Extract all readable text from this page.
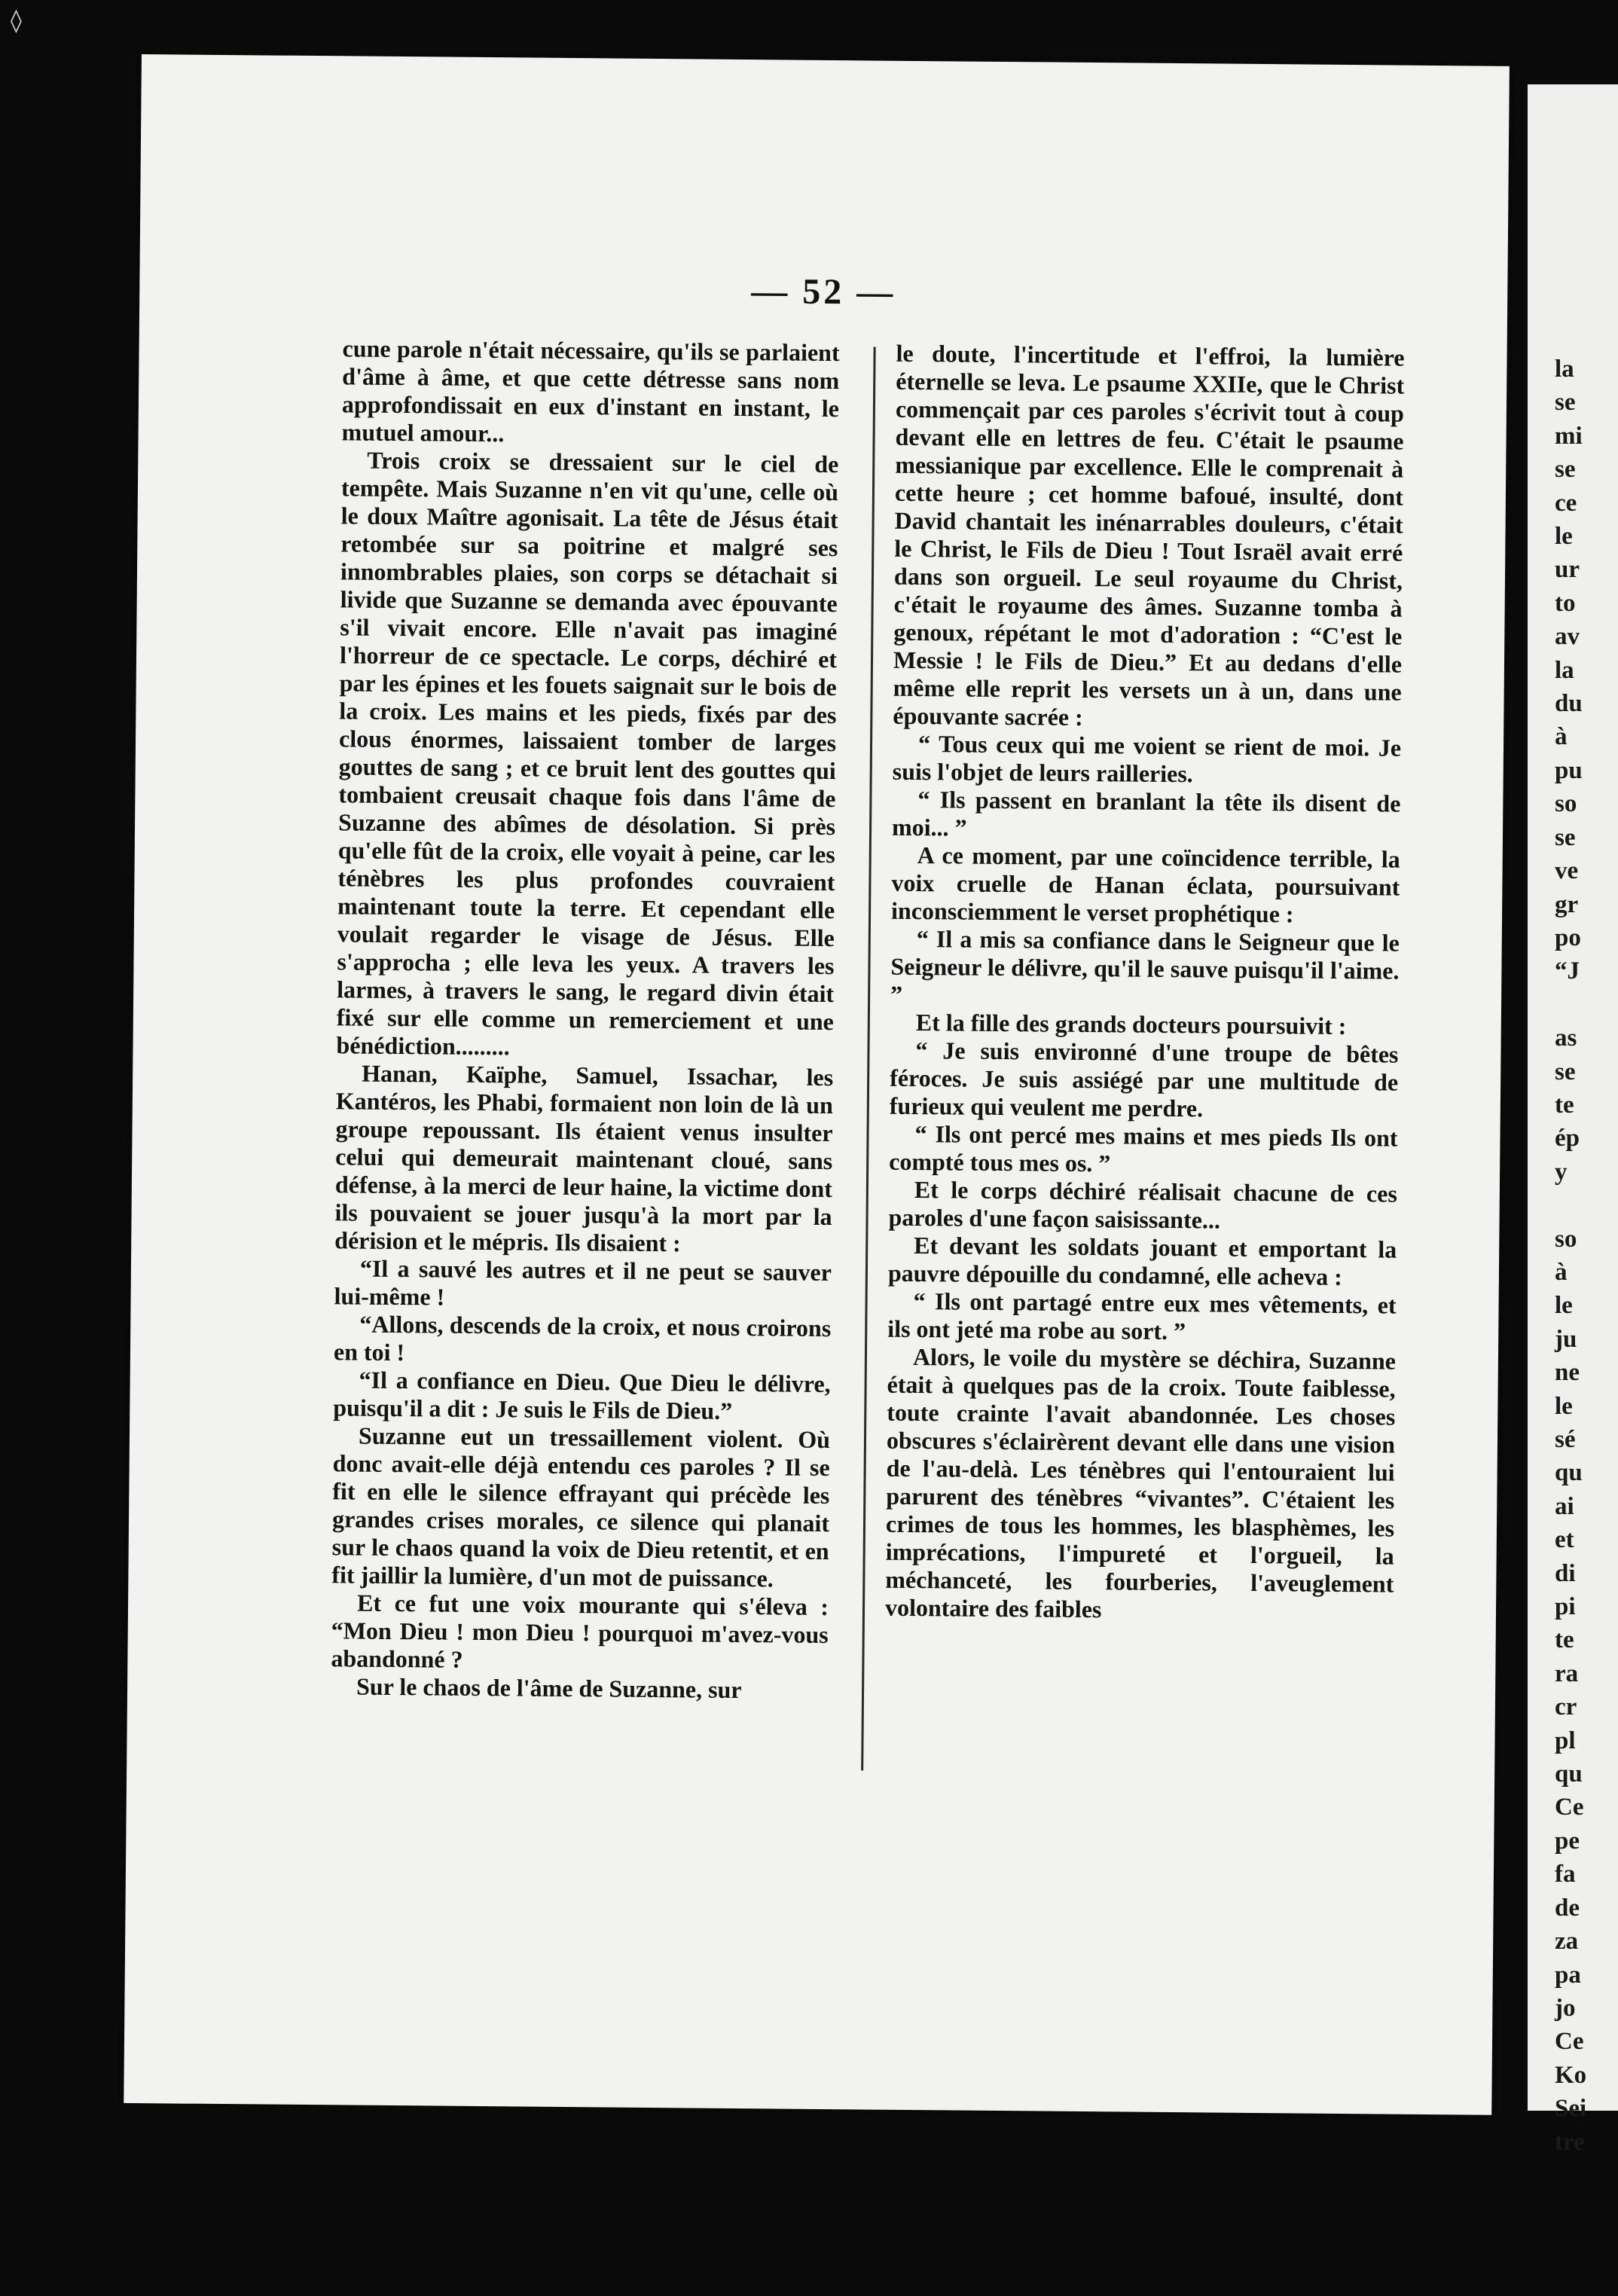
◊
— 52 —

cune parole n'était nécessaire, qu'ils se parlaient d'âme à âme, et que cette détresse sans nom approfondissait en eux d'instant en instant, le mutuel amour...

Trois croix se dressaient sur le ciel de tempête. Mais Suzanne n'en vit qu'une, celle où le doux Maître agonisait. La tête de Jésus était retombée sur sa poitrine et malgré ses innombrables plaies, son corps se détachait si livide que Suzanne se demanda avec épouvante s'il vivait encore. Elle n'avait pas imaginé l'horreur de ce spectacle. Le corps, déchiré et par les épines et les fouets saignait sur le bois de la croix. Les mains et les pieds, fixés par des clous énormes, laissaient tomber de larges gouttes de sang ; et ce bruit lent des gouttes qui tombaient creusait chaque fois dans l'âme de Suzanne des abîmes de désolation. Si près qu'elle fût de la croix, elle voyait à peine, car les ténèbres les plus profondes couvraient maintenant toute la terre. Et cependant elle voulait regarder le visage de Jésus. Elle s'approcha ; elle leva les yeux. A travers les larmes, à travers le sang, le regard divin était fixé sur elle comme un remerciement et une bénédiction.........

Hanan, Kaïphe, Samuel, Issachar, les Kantéros, les Phabi, formaient non loin de là un groupe repoussant. Ils étaient venus insulter celui qui demeurait maintenant cloué, sans défense, à la merci de leur haine, la victime dont ils pouvaient se jouer jusqu'à la mort par la dérision et le mépris. Ils disaient :

“Il a sauvé les autres et il ne peut se sauver lui-même !

“Allons, descends de la croix, et nous croirons en toi !

“Il a confiance en Dieu. Que Dieu le délivre, puisqu'il a dit : Je suis le Fils de Dieu.”

Suzanne eut un tressaillement violent. Où donc avait-elle déjà entendu ces paroles ? Il se fit en elle le silence effrayant qui précède les grandes crises morales, ce silence qui planait sur le chaos quand la voix de Dieu retentit, et en fit jaillir la lumière, d'un mot de puissance.

Et ce fut une voix mourante qui s'éleva : “Mon Dieu ! mon Dieu ! pourquoi m'avez-vous abandonné ?

Sur le chaos de l'âme de Suzanne, sur

le doute, l'incertitude et l'effroi, la lumière éternelle se leva. Le psaume XXIIe, que le Christ commençait par ces paroles s'écrivit tout à coup devant elle en lettres de feu. C'était le psaume messianique par excellence. Elle le comprenait à cette heure ; cet homme bafoué, insulté, dont David chantait les inénarrables douleurs, c'était le Christ, le Fils de Dieu ! Tout Israël avait erré dans son orgueil. Le seul royaume du Christ, c'était le royaume des âmes. Suzanne tomba à genoux, répétant le mot d'adoration : “C'est le Messie ! le Fils de Dieu.” Et au dedans d'elle même elle reprit les versets un à un, dans une épouvante sacrée :

“ Tous ceux qui me voient se rient de moi. Je suis l'objet de leurs railleries.

“ Ils passent en branlant la tête ils disent de moi... ”

A ce moment, par une coïncidence terrible, la voix cruelle de Hanan éclata, poursuivant inconsciemment le verset prophétique :

“ Il a mis sa confiance dans le Seigneur que le Seigneur le délivre, qu'il le sauve puisqu'il l'aime. ”

Et la fille des grands docteurs poursuivit :

“ Je suis environné d'une troupe de bêtes féroces. Je suis assiégé par une multitude de furieux qui veulent me perdre.

“ Ils ont percé mes mains et mes pieds Ils ont compté tous mes os. ”

Et le corps déchiré réalisait chacune de ces paroles d'une façon saisissante...

Et devant les soldats jouant et emportant la pauvre dépouille du condamné, elle acheva :

“ Ils ont partagé entre eux mes vêtements, et ils ont jeté ma robe au sort. ”

Alors, le voile du mystère se déchira, Suzanne était à quelques pas de la croix. Toute faiblesse, toute crainte l'avait abandonnée. Les choses obscures s'éclairèrent devant elle dans une vision de l'au-delà. Les ténèbres qui l'entouraient lui parurent des ténèbres “vivantes”. C'étaient les crimes de tous les hommes, les blasphèmes, les imprécations, l'impureté et l'orgueil, la méchanceté, les fourberies, l'aveuglement volontaire des faibles

la
se
mi
se
ce
le
ur
to
av
la
du
à
pu
so
se
ve
gr
po
“J

as
se
te
ép
y

so
à
le
ju
ne
le
sé
qu
ai
et
di
pi
te
ra
cr
pl
qu
Ce
pe
fa
de
za
pa
jo
Ce
Ko
Sei
tre
